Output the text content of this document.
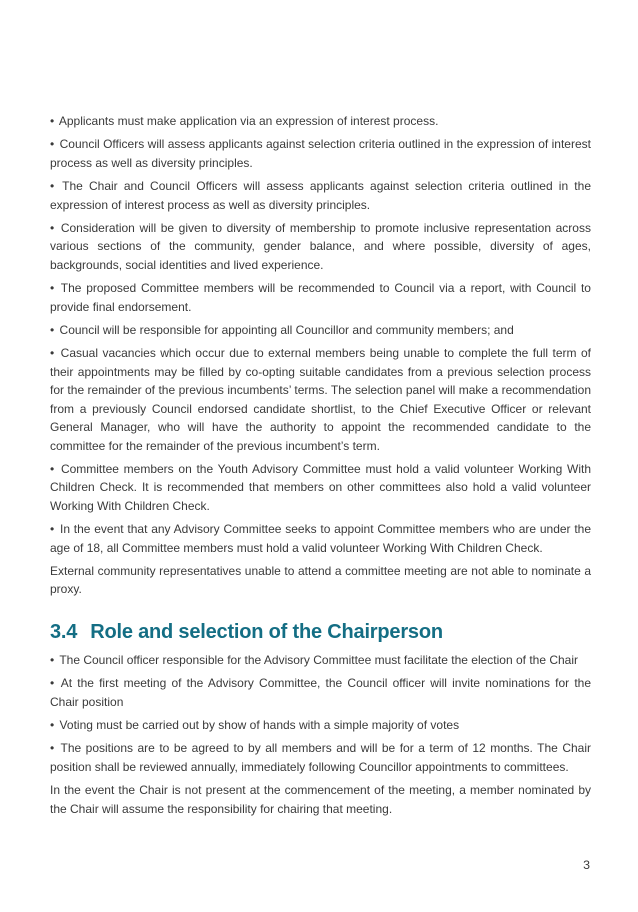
• Applicants must make application via an expression of interest process.

• Council Officers will assess applicants against selection criteria outlined in the expression of interest process as well as diversity principles.

• The Chair and Council Officers will assess applicants against selection criteria outlined in the expression of interest process as well as diversity principles.

• Consideration will be given to diversity of membership to promote inclusive representation across various sections of the community, gender balance, and where possible, diversity of ages, backgrounds, social identities and lived experience.

• The proposed Committee members will be recommended to Council via a report, with Council to provide final endorsement.

• Council will be responsible for appointing all Councillor and community members; and

• Casual vacancies which occur due to external members being unable to complete the full term of their appointments may be filled by co-opting suitable candidates from a previous selection process for the remainder of the previous incumbents’ terms. The selection panel will make a recommendation from a previously Council endorsed candidate shortlist, to the Chief Executive Officer or relevant General Manager, who will have the authority to appoint the recommended candidate to the committee for the remainder of the previous incumbent’s term.

• Committee members on the Youth Advisory Committee must hold a valid volunteer Working With Children Check. It is recommended that members on other committees also hold a valid volunteer Working With Children Check.

• In the event that any Advisory Committee seeks to appoint Committee members who are under the age of 18, all Committee members must hold a valid volunteer Working With Children Check.

External community representatives unable to attend a committee meeting are not able to nominate a proxy.

3.4 Role and selection of the Chairperson

• The Council officer responsible for the Advisory Committee must facilitate the election of the Chair

• At the first meeting of the Advisory Committee, the Council officer will invite nominations for the Chair position

• Voting must be carried out by show of hands with a simple majority of votes

• The positions are to be agreed to by all members and will be for a term of 12 months. The Chair position shall be reviewed annually, immediately following Councillor appointments to committees.

In the event the Chair is not present at the commencement of the meeting, a member nominated by the Chair will assume the responsibility for chairing that meeting.

3
